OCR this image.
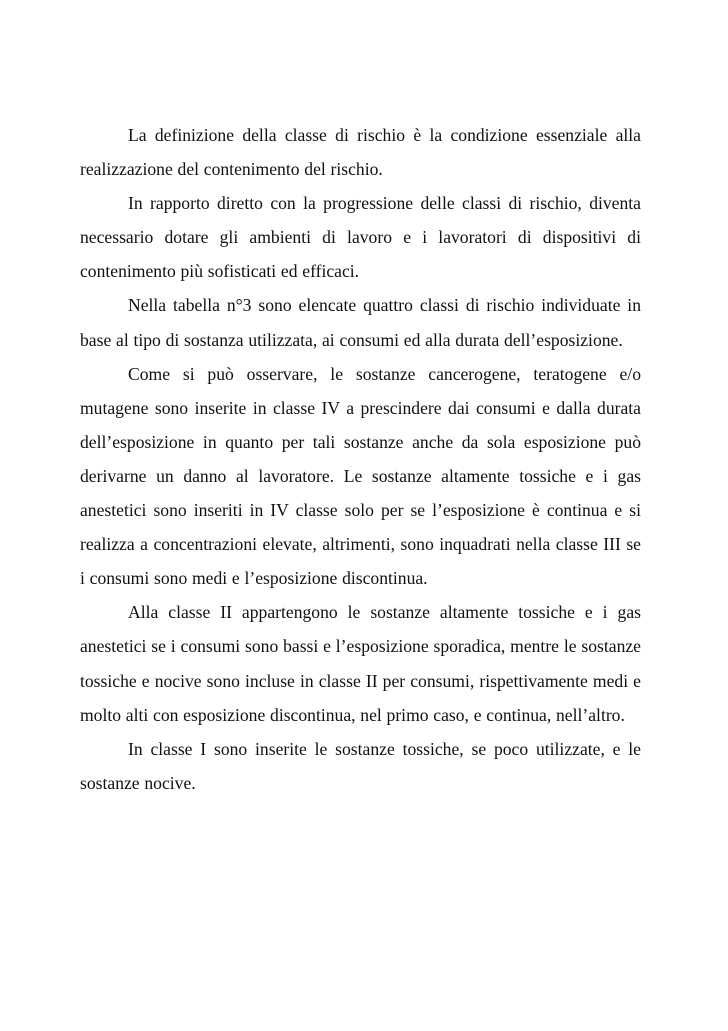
La definizione della classe di rischio è la condizione essenziale alla realizzazione del contenimento del rischio.

In rapporto diretto con la progressione delle classi di rischio, diventa necessario dotare gli ambienti di lavoro e i lavoratori di dispositivi di contenimento più sofisticati ed efficaci.

Nella tabella n°3 sono elencate quattro classi di rischio individuate in base al tipo di sostanza utilizzata, ai consumi ed alla durata dell’esposizione.

Come si può osservare, le sostanze cancerogene, teratogene e/o mutagene sono inserite in classe IV a prescindere dai consumi e dalla durata dell’esposizione in quanto per tali sostanze anche da sola esposizione può derivarne un danno al lavoratore. Le sostanze altamente tossiche e i gas anestetici sono inseriti in IV classe solo per se l’esposizione è continua e si realizza a concentrazioni elevate, altrimenti, sono inquadrati nella classe III se i consumi sono medi e l’esposizione discontinua.

Alla classe II appartengono le sostanze altamente tossiche e i gas anestetici se i consumi sono bassi e l’esposizione sporadica, mentre le sostanze tossiche e nocive sono incluse in classe II per consumi, rispettivamente medi e molto alti con esposizione discontinua, nel primo caso, e continua, nell’altro.

In classe I sono inserite le sostanze tossiche, se poco utilizzate, e le sostanze nocive.
